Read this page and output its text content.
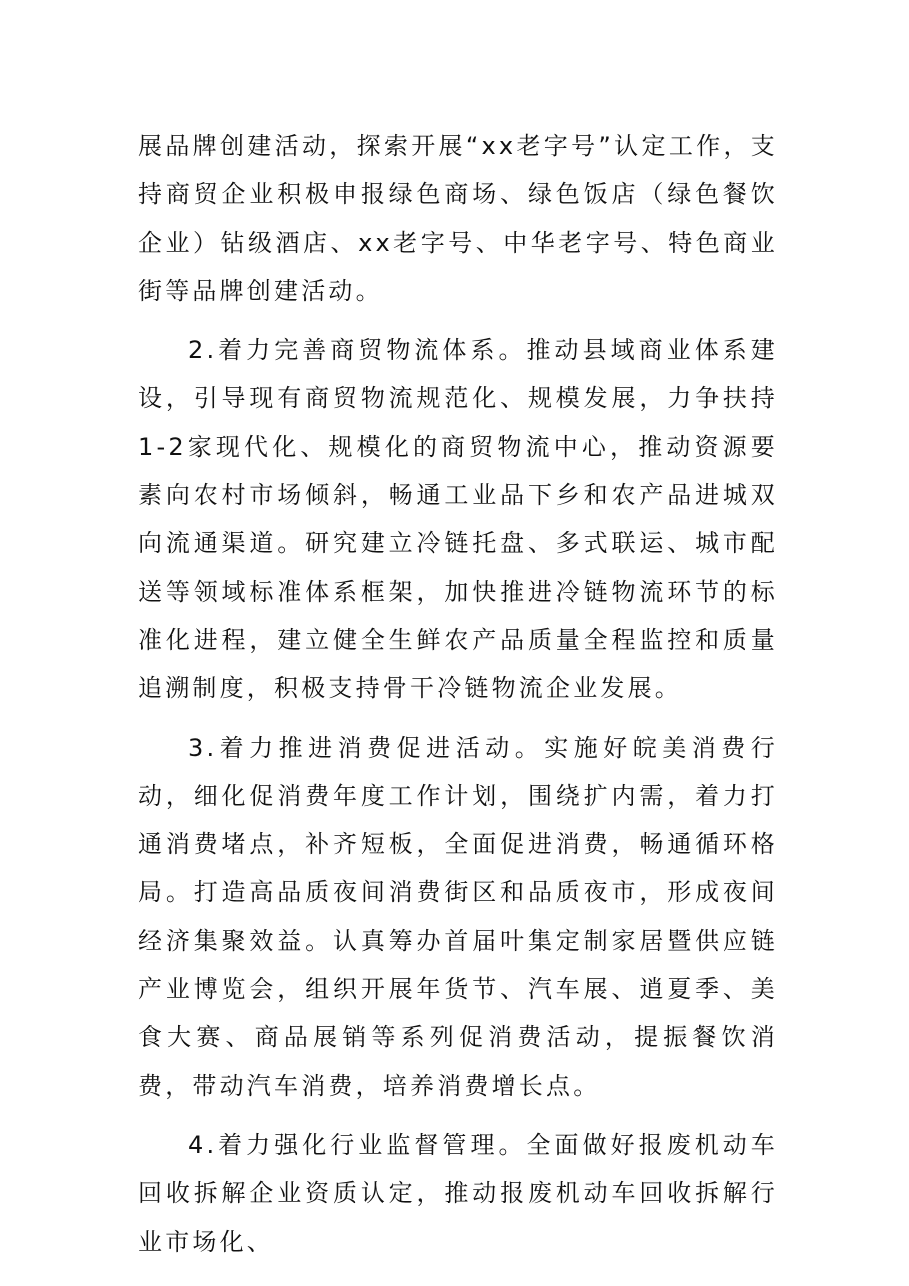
展品牌创建活动，探索开展“xx老字号”认定工作，支持商贸企业积极申报绿色商场、绿色饭店（绿色餐饮企业）钻级酒店、xx老字号、中华老字号、特色商业街等品牌创建活动。

2.着力完善商贸物流体系。推动县域商业体系建设，引导现有商贸物流规范化、规模发展，力争扶持1-2家现代化、规模化的商贸物流中心，推动资源要素向农村市场倾斜，畅通工业品下乡和农产品进城双向流通渠道。研究建立冷链托盘、多式联运、城市配送等领域标准体系框架，加快推进冷链物流环节的标准化进程，建立健全生鲜农产品质量全程监控和质量追溯制度，积极支持骨干冷链物流企业发展。

3.着力推进消费促进活动。实施好皖美消费行动，细化促消费年度工作计划，围绕扩内需，着力打通消费堵点，补齐短板，全面促进消费，畅通循环格局。打造高品质夜间消费街区和品质夜市，形成夜间经济集聚效益。认真筹办首届叶集定制家居暨供应链产业博览会，组织开展年货节、汽车展、逍夏季、美食大赛、商品展销等系列促消费活动，提振餐饮消费，带动汽车消费，培养消费增长点。

4.着力强化行业监督管理。全面做好报废机动车回收拆解企业资质认定，推动报废机动车回收拆解行业市场化、
